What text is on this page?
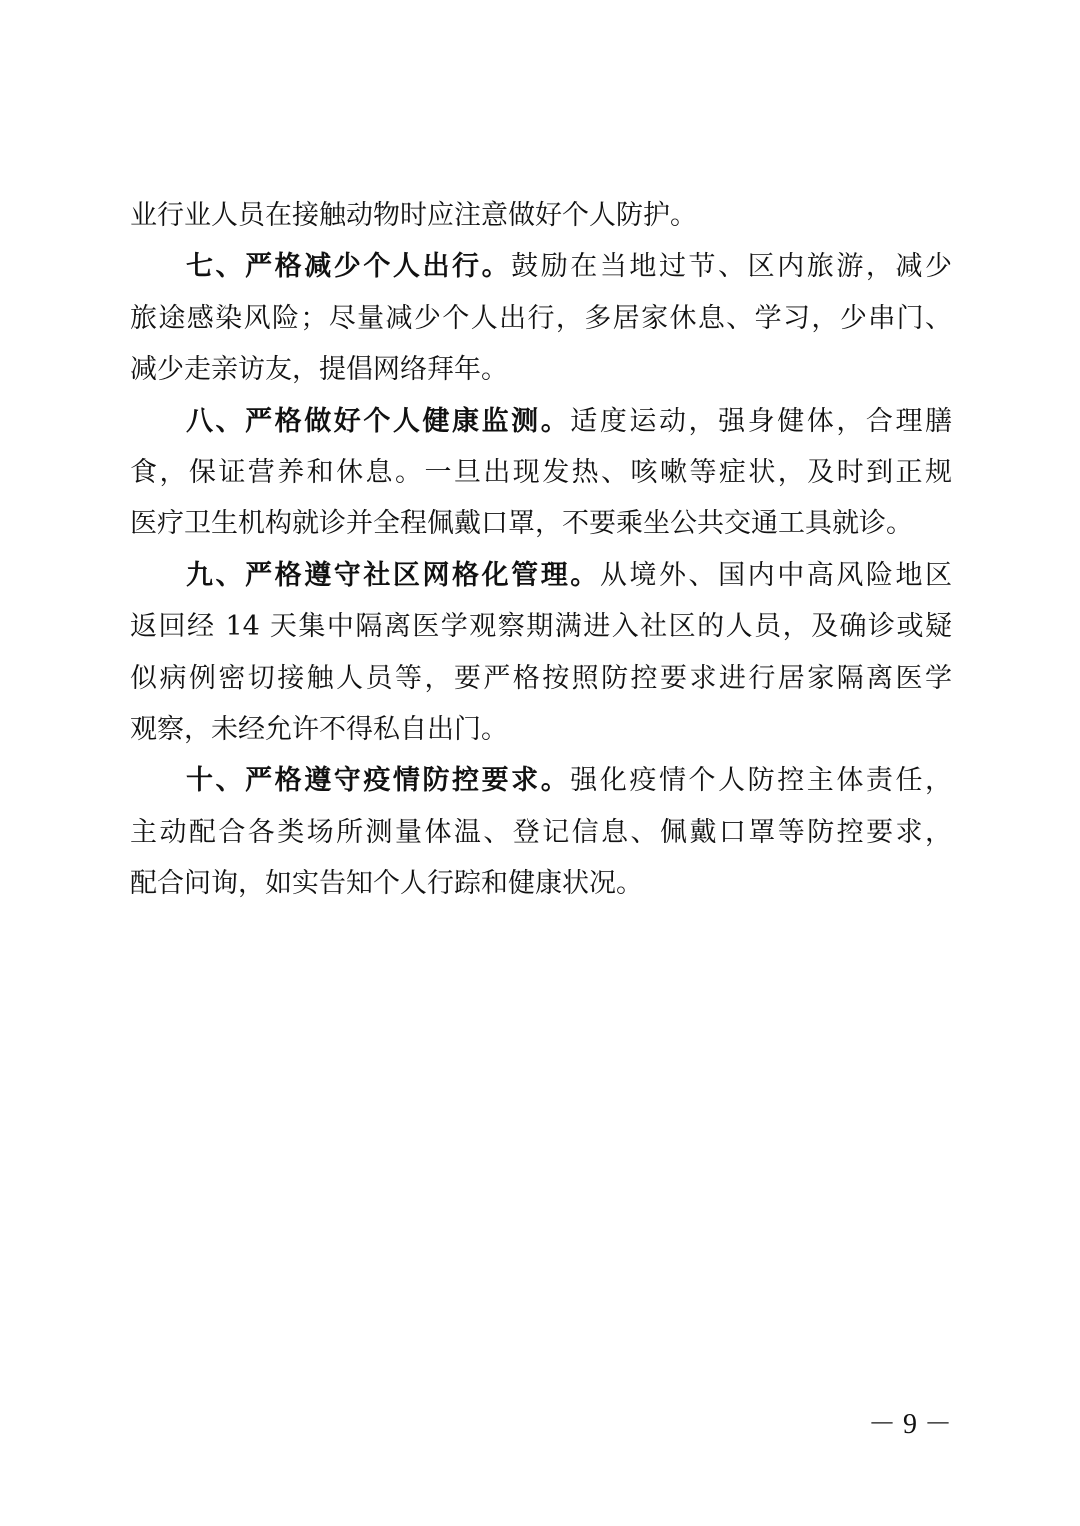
业行业人员在接触动物时应注意做好个人防护。
七、严格减少个人出行。鼓励在当地过节、区内旅游，减少
旅途感染风险；尽量减少个人出行，多居家休息、学习，少串门、
减少走亲访友，提倡网络拜年。
八、严格做好个人健康监测。适度运动，强身健体，合理膳
食，保证营养和休息。一旦出现发热、咳嗽等症状，及时到正规
医疗卫生机构就诊并全程佩戴口罩，不要乘坐公共交通工具就诊。
九、严格遵守社区网格化管理。从境外、国内中高风险地区
返回经 14 天集中隔离医学观察期满进入社区的人员，及确诊或疑
似病例密切接触人员等，要严格按照防控要求进行居家隔离医学
观察，未经允许不得私自出门。
十、严格遵守疫情防控要求。强化疫情个人防控主体责任，
主动配合各类场所测量体温、登记信息、佩戴口罩等防控要求，
配合问询，如实告知个人行踪和健康状况。
－ 9 －
